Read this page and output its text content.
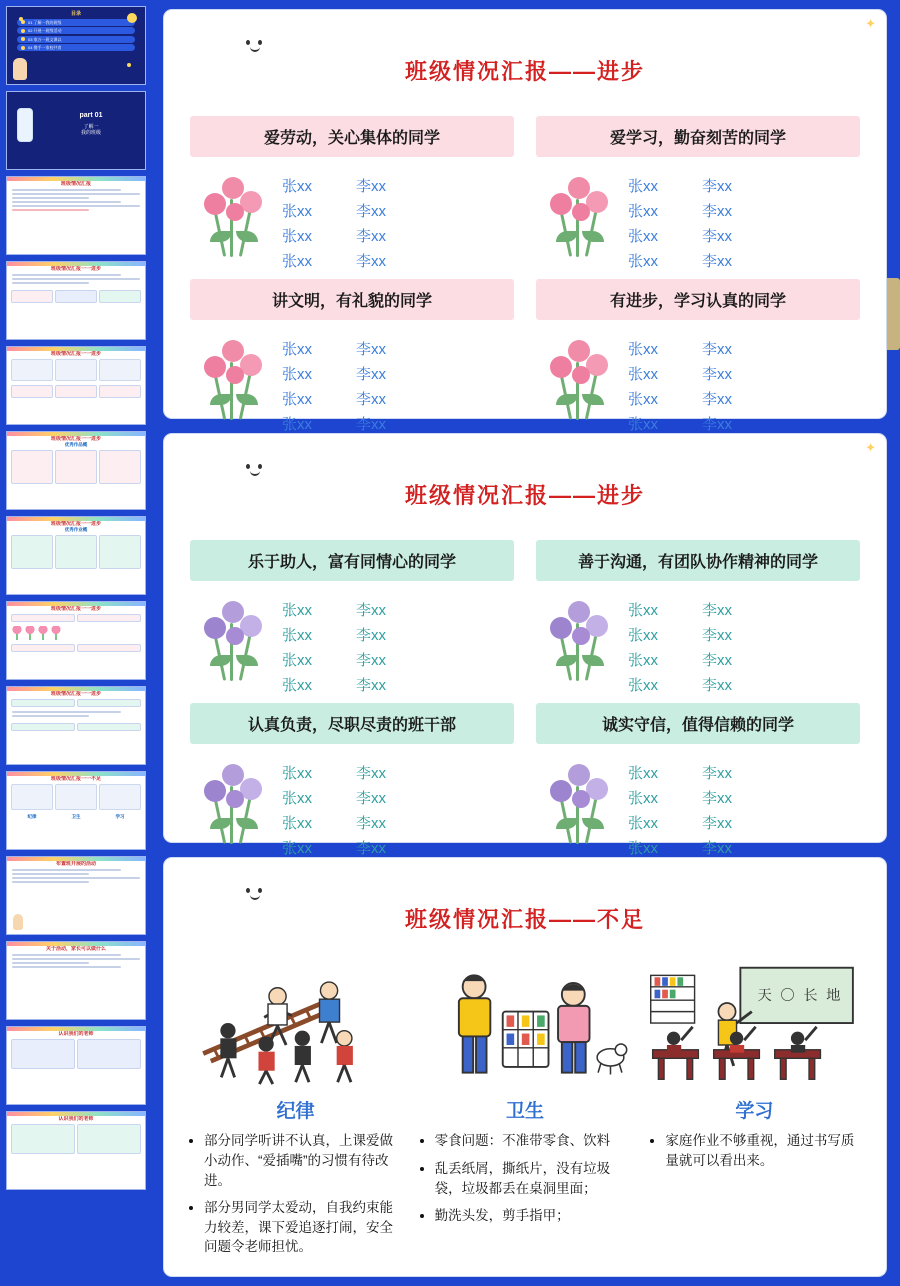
目录
01 了解一我的班级
02 开展一班级活动
03 家万一班文课以
04 携手一家校共育
part 01
了解一
我的班级
班级情况汇报
班级情况汇报一一进步
班级情况汇报一一进步
班级情况汇报一一进步
优秀作品概
班级情况汇报一一进步
优秀作业概
班级情况汇报一一进步
班级情况汇报一一进步
班级情况汇报一一不足
纪律	卫生	学习
布置班开展的活动
关于活动，家长可以做什么
认识我们的老师
认识我们的老师
✦
班级情况汇报——进步
爱劳动，关心集体的同学	爱学习，勤奋刻苦的同学
张xx	李xx
张xx	李xx
张xx	李xx
张xx	李xx
张xx	李xx
张xx	李xx
张xx	李xx
张xx	李xx
讲文明，有礼貌的同学	有进步，学习认真的同学
张xx	李xx
张xx	李xx
张xx	李xx
张xx	李xx
张xx	李xx
张xx	李xx
张xx	李xx
张xx	李xx
✦
班级情况汇报——进步
乐于助人，富有同情心的同学	善于沟通，有团队协作精神的同学
张xx	李xx
张xx	李xx
张xx	李xx
张xx	李xx
张xx	李xx
张xx	李xx
张xx	李xx
张xx	李xx
认真负责，尽职尽责的班干部	诚实守信，值得信赖的同学
张xx	李xx
张xx	李xx
张xx	李xx
张xx	李xx
张xx	李xx
张xx	李xx
张xx	李xx
张xx	李xx
班级情况汇报——不足
天 〇 长 地
纪律	卫生	学习
• 部分同学听讲不认真，上课爱做小动作、“爱插嘴”的习惯有待改进。
• 部分男同学太爱动，自我约束能力较差，课下爱追逐打闹，安全问题令老师担忧。
• 零食问题：不准带零食、饮料
• 乱丢纸屑，撕纸片，没有垃圾袋，垃圾都丢在桌洞里面；
• 勤洗头发，剪手指甲；
• 家庭作业不够重视，通过书写质量就可以看出来。
